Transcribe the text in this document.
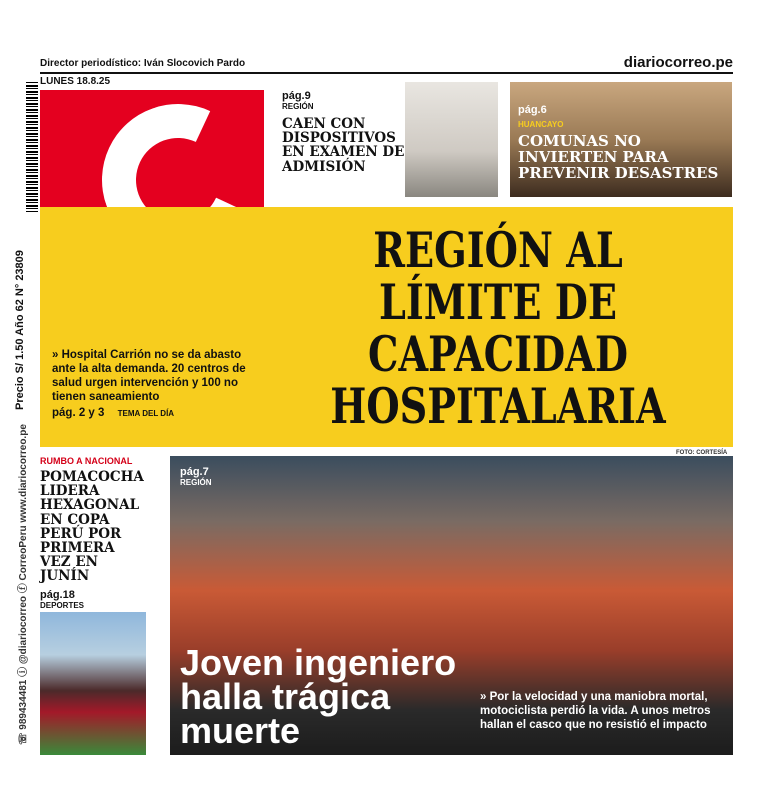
Director periodístico: Iván Slocovich Pardo	diariocorreo.pe
LUNES 18.8.25
Precio S/ 1.50 Año 62 N° 23809
☏ 989434481 ⓘ @diariocorreo ⓕ CorreoPeru www.diariocorreo.pe
pág.9
REGIÓN
CAEN CON DISPOSITIVOS EN EXAMEN DE ADMISIÓN
pág.6
HUANCAYO
COMUNAS NO INVIERTEN PARA PREVENIR DESASTRES
REGIÓN AL LÍMITE DE CAPACIDAD HOSPITALARIA
» Hospital Carrión no se da abasto ante la alta demanda. 20 centros de salud urgen intervención y 100 no tienen saneamiento
pág. 2 y 3 TEMA DEL DÍA
FOTO: CORTESÍA
RUMBO A NACIONAL
POMACOCHA LIDERA HEXAGONAL EN COPA PERÚ POR PRIMERA VEZ EN JUNÍN
pág.18
DEPORTES
pág.7
REGIÓN
Joven ingeniero halla trágica muerte
» Por la velocidad y una maniobra mortal, motociclista perdió la vida. A unos metros hallan el casco que no resistió el impacto
